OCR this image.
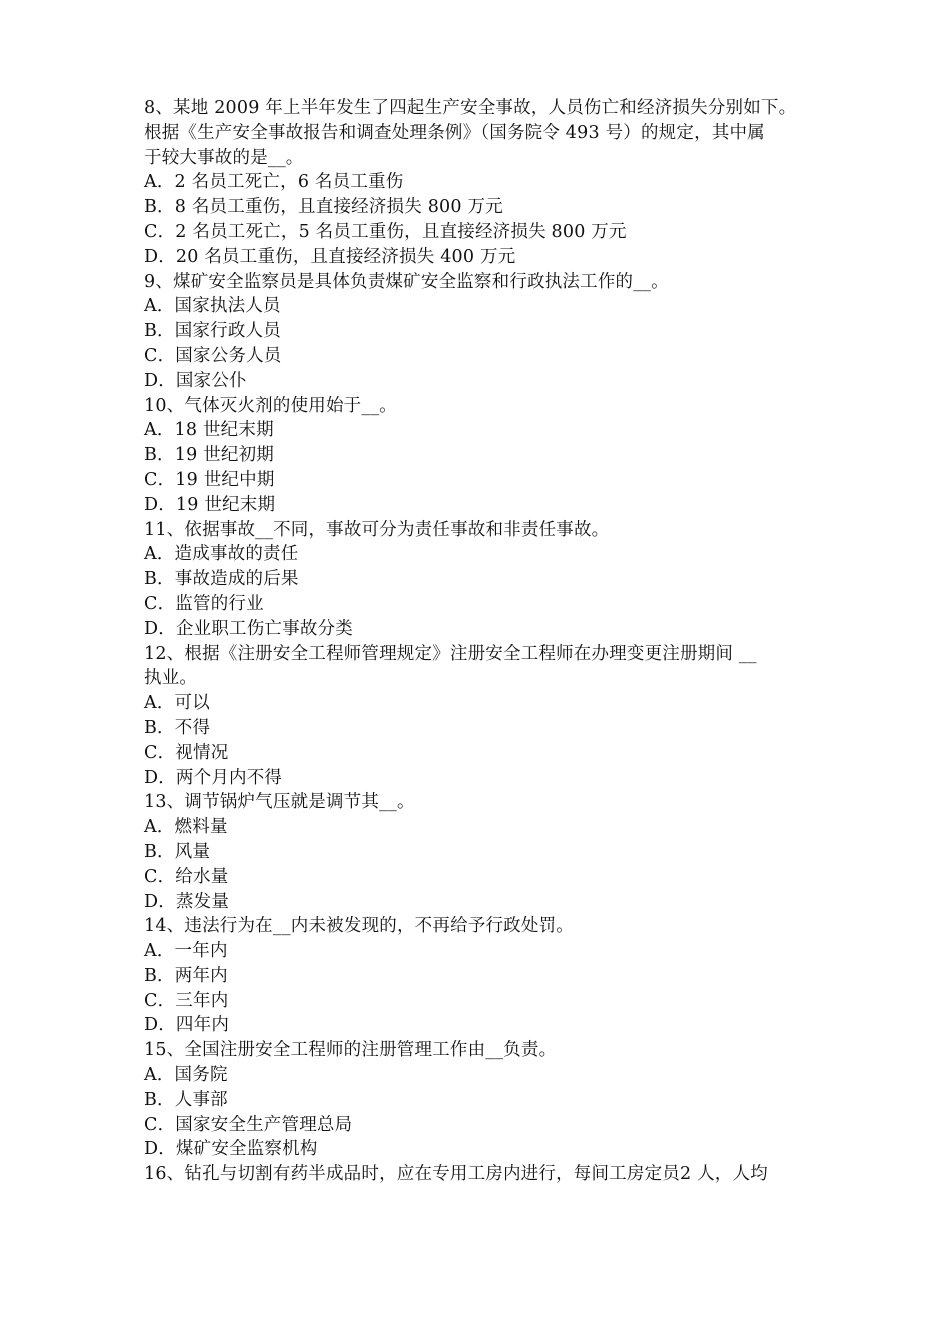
8、某地 2009 年上半年发生了四起生产安全事故，人员伤亡和经济损失分别如下。
根据《生产安全事故报告和调查处理条例》（国务院令 493 号）的规定，其中属
于较大事故的是__。
A．2 名员工死亡，6 名员工重伤
B．8 名员工重伤，且直接经济损失 800 万元
C．2 名员工死亡，5 名员工重伤，且直接经济损失 800 万元
D．20 名员工重伤，且直接经济损失 400 万元
9、煤矿安全监察员是具体负责煤矿安全监察和行政执法工作的__。
A．国家执法人员
B．国家行政人员
C．国家公务人员
D．国家公仆
10、气体灭火剂的使用始于__。
A．18 世纪末期
B．19 世纪初期
C．19 世纪中期
D．19 世纪末期
11、依据事故__不同，事故可分为责任事故和非责任事故。
A．造成事故的责任
B．事故造成的后果
C．监管的行业
D．企业职工伤亡事故分类
12、根据《注册安全工程师管理规定》注册安全工程师在办理变更注册期间 __
执业。
A．可以
B．不得
C．视情况
D．两个月内不得
13、调节锅炉气压就是调节其__。
A．燃料量
B．风量
C．给水量
D．蒸发量
14、违法行为在__内未被发现的，不再给予行政处罚。
A．一年内
B．两年内
C．三年内
D．四年内
15、全国注册安全工程师的注册管理工作由__负责。
A．国务院
B．人事部
C．国家安全生产管理总局
D．煤矿安全监察机构
16、钻孔与切割有药半成品时，应在专用工房内进行，每间工房定员2 人，人均
